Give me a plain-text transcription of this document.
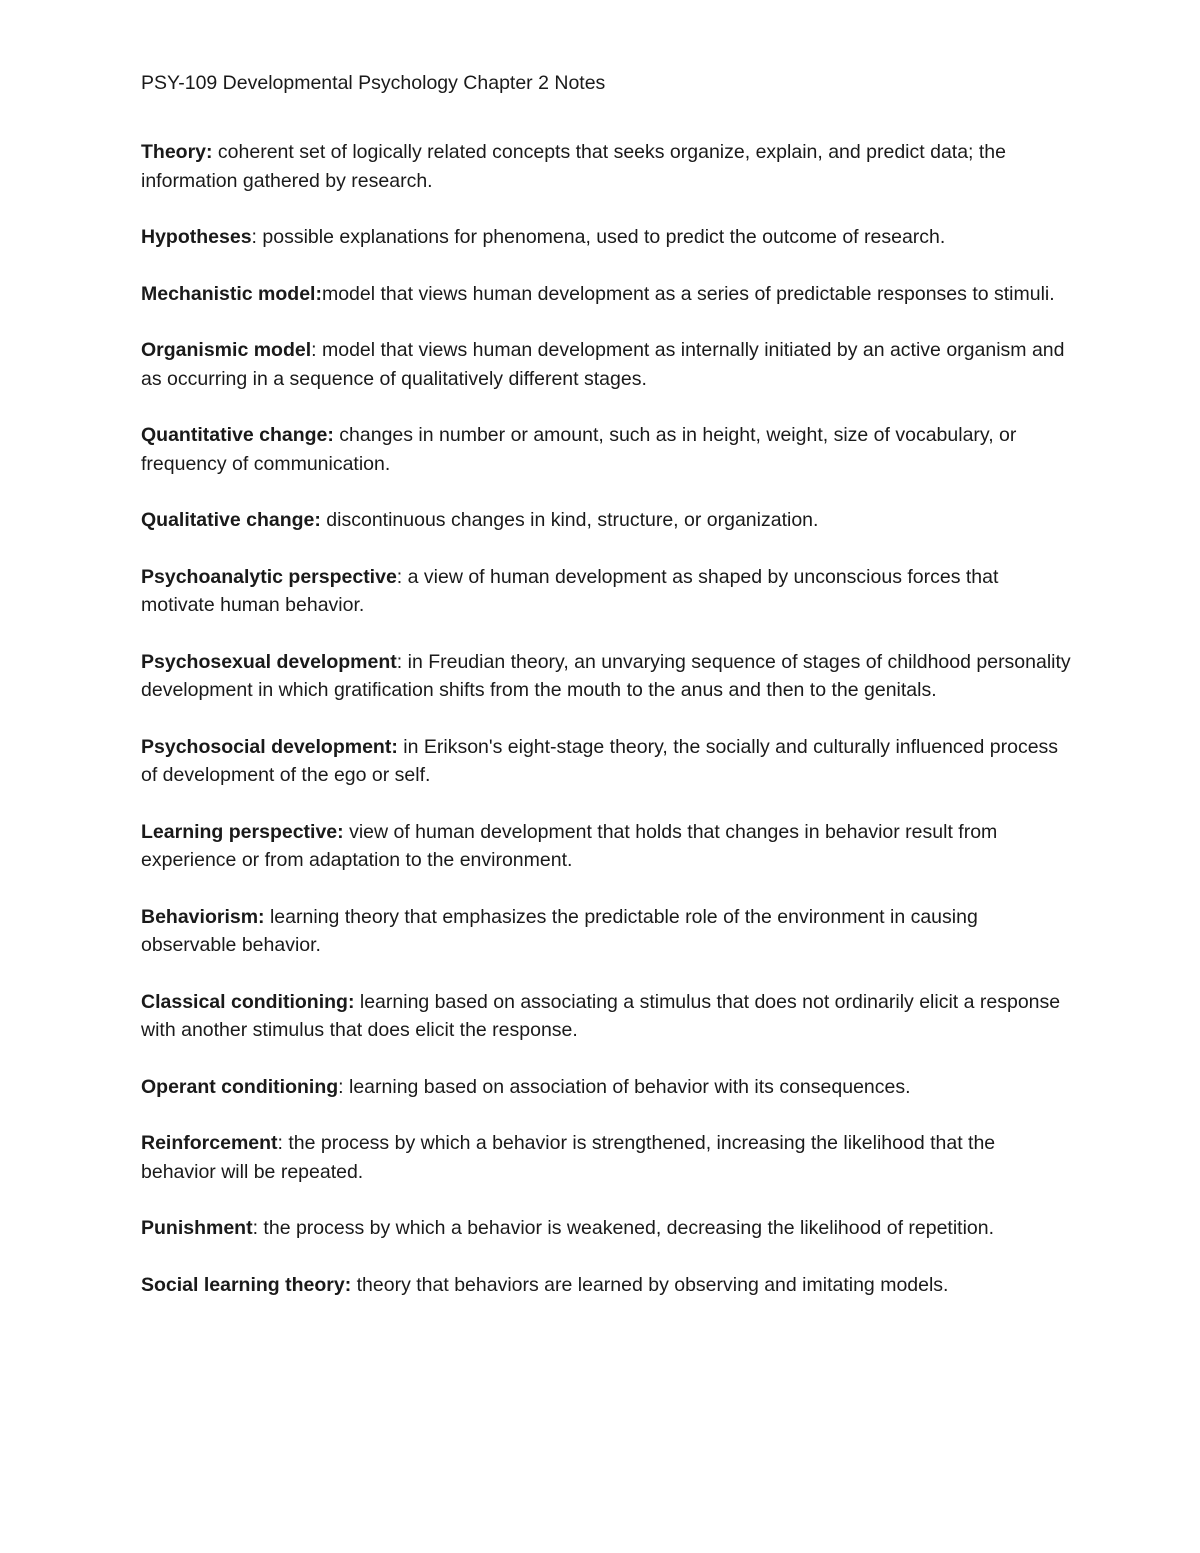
PSY-109 Developmental Psychology Chapter 2 Notes

Theory: coherent set of logically related concepts that seeks organize, explain, and predict data; the information gathered by research.

Hypotheses: possible explanations for phenomena, used to predict the outcome of research.

Mechanistic model:model that views human development as a series of predictable responses to stimuli.

Organismic model: model that views human development as internally initiated by an active organism and as occurring in a sequence of qualitatively different stages.

Quantitative change: changes in number or amount, such as in height, weight, size of vocabulary, or frequency of communication.

Qualitative change: discontinuous changes in kind, structure, or organization.

Psychoanalytic perspective: a view of human development as shaped by unconscious forces that motivate human behavior.

Psychosexual development: in Freudian theory, an unvarying sequence of stages of childhood personality development in which gratification shifts from the mouth to the anus and then to the genitals.

Psychosocial development: in Erikson's eight-stage theory, the socially and culturally influenced process of development of the ego or self.

Learning perspective: view of human development that holds that changes in behavior result from experience or from adaptation to the environment.

Behaviorism: learning theory that emphasizes the predictable role of the environment in causing observable behavior.

Classical conditioning: learning based on associating a stimulus that does not ordinarily elicit a response with another stimulus that does elicit the response.

Operant conditioning: learning based on association of behavior with its consequences.

Reinforcement: the process by which a behavior is strengthened, increasing the likelihood that the behavior will be repeated.

Punishment: the process by which a behavior is weakened, decreasing the likelihood of repetition.

Social learning theory: theory that behaviors are learned by observing and imitating models.
